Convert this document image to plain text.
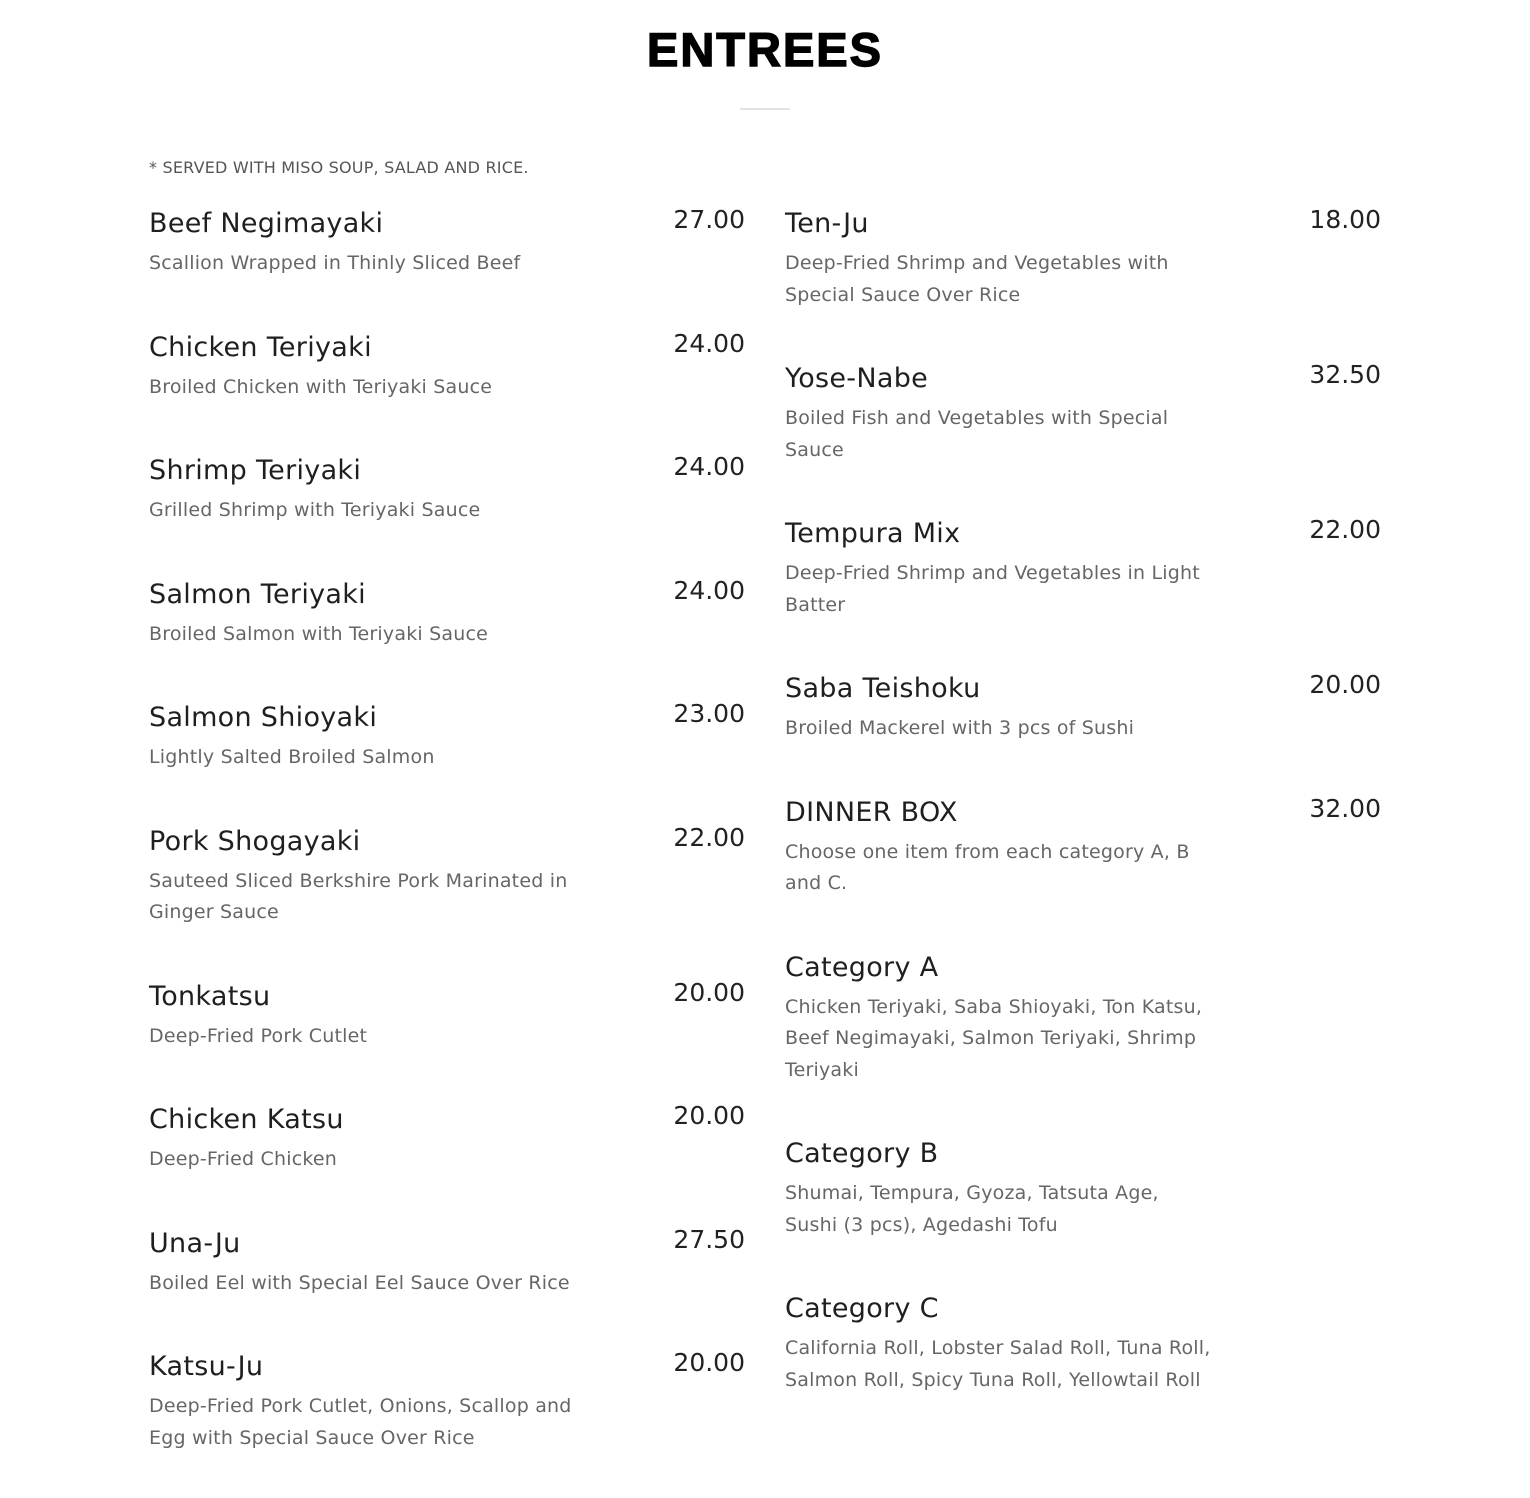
ENTREES
* SERVED WITH MISO SOUP, SALAD AND RICE.
Beef Negimayaki	27.00
Scallion Wrapped in Thinly Sliced Beef
Chicken Teriyaki	24.00
Broiled Chicken with Teriyaki Sauce
Shrimp Teriyaki	24.00
Grilled Shrimp with Teriyaki Sauce
Salmon Teriyaki	24.00
Broiled Salmon with Teriyaki Sauce
Salmon Shioyaki	23.00
Lightly Salted Broiled Salmon
Pork Shogayaki	22.00
Sauteed Sliced Berkshire Pork Marinated in Ginger Sauce
Tonkatsu	20.00
Deep-Fried Pork Cutlet
Chicken Katsu	20.00
Deep-Fried Chicken
Una-Ju	27.50
Boiled Eel with Special Eel Sauce Over Rice
Katsu-Ju	20.00
Deep-Fried Pork Cutlet, Onions, Scallop and Egg with Special Sauce Over Rice
Ten-Ju	18.00
Deep-Fried Shrimp and Vegetables with Special Sauce Over Rice
Yose-Nabe	32.50
Boiled Fish and Vegetables with Special Sauce
Tempura Mix	22.00
Deep-Fried Shrimp and Vegetables in Light Batter
Saba Teishoku	20.00
Broiled Mackerel with 3 pcs of Sushi
DINNER BOX	32.00
Choose one item from each category A, B and C.
Category A
Chicken Teriyaki, Saba Shioyaki, Ton Katsu, Beef Negimayaki, Salmon Teriyaki, Shrimp Teriyaki
Category B
Shumai, Tempura, Gyoza, Tatsuta Age, Sushi (3 pcs), Agedashi Tofu
Category C
California Roll, Lobster Salad Roll, Tuna Roll, Salmon Roll, Spicy Tuna Roll, Yellowtail Roll
